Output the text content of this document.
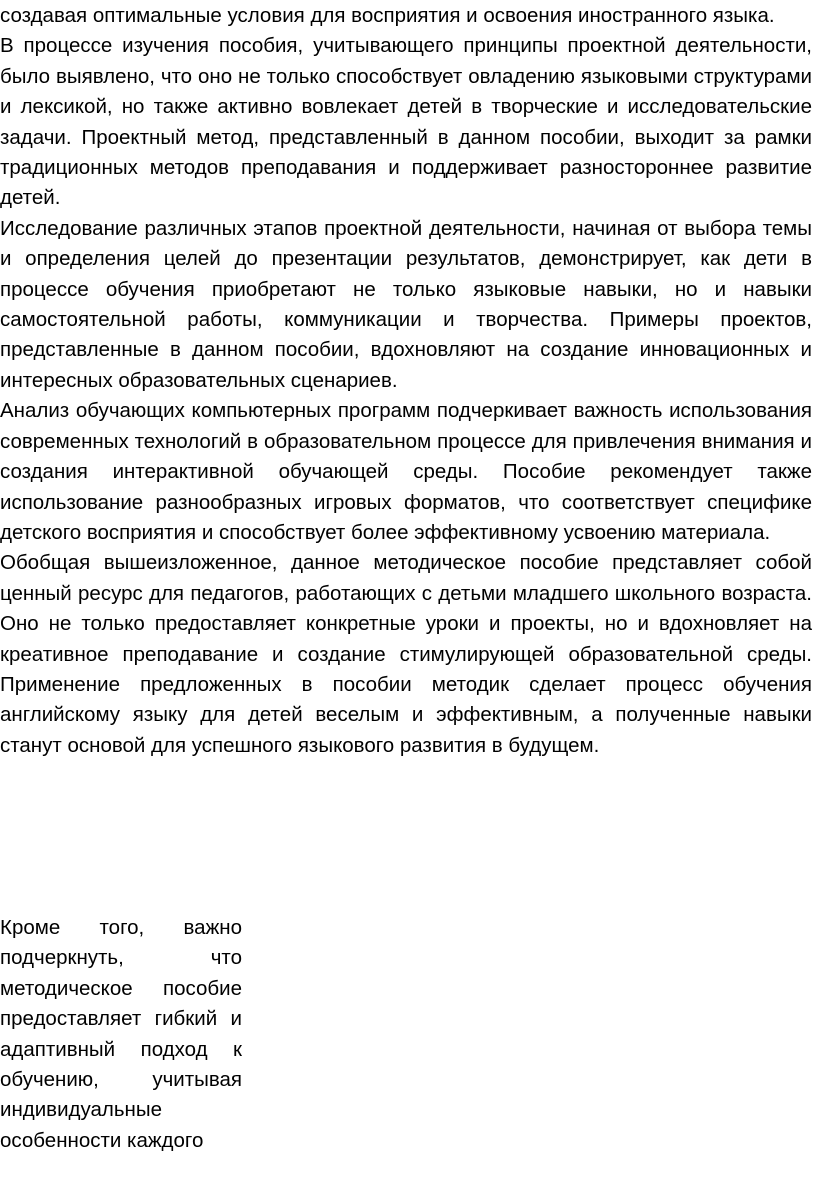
создавая оптимальные условия для восприятия и освоения иностранного языка.

В процессе изучения пособия, учитывающего принципы проектной деятельности, было выявлено, что оно не только способствует овладению языковыми структурами и лексикой, но также активно вовлекает детей в творческие и исследовательские задачи. Проектный метод, представленный в данном пособии, выходит за рамки традиционных методов преподавания и поддерживает разностороннее развитие детей.

Исследование различных этапов проектной деятельности, начиная от выбора темы и определения целей до презентации результатов, демонстрирует, как дети в процессе обучения приобретают не только языковые навыки, но и навыки самостоятельной работы, коммуникации и творчества. Примеры проектов, представленные в данном пособии, вдохновляют на создание инновационных и интересных образовательных сценариев.

Анализ обучающих компьютерных программ подчеркивает важность использования современных технологий в образовательном процессе для привлечения внимания и создания интерактивной обучающей среды. Пособие рекомендует также использование разнообразных игровых форматов, что соответствует специфике детского восприятия и способствует более эффективному усвоению материала.

Обобщая вышеизложенное, данное методическое пособие представляет собой ценный ресурс для педагогов, работающих с детьми младшего школьного возраста. Оно не только предоставляет конкретные уроки и проекты, но и вдохновляет на креативное преподавание и создание стимулирующей образовательной среды. Применение предложенных в пособии методик сделает процесс обучения английскому языку для детей веселым и эффективным, а полученные навыки станут основой для успешного языкового развития в будущем.

Кроме того, важно подчеркнуть, что методическое пособие предоставляет гибкий и адаптивный подход к обучению, учитывая индивидуальные особенности каждого
